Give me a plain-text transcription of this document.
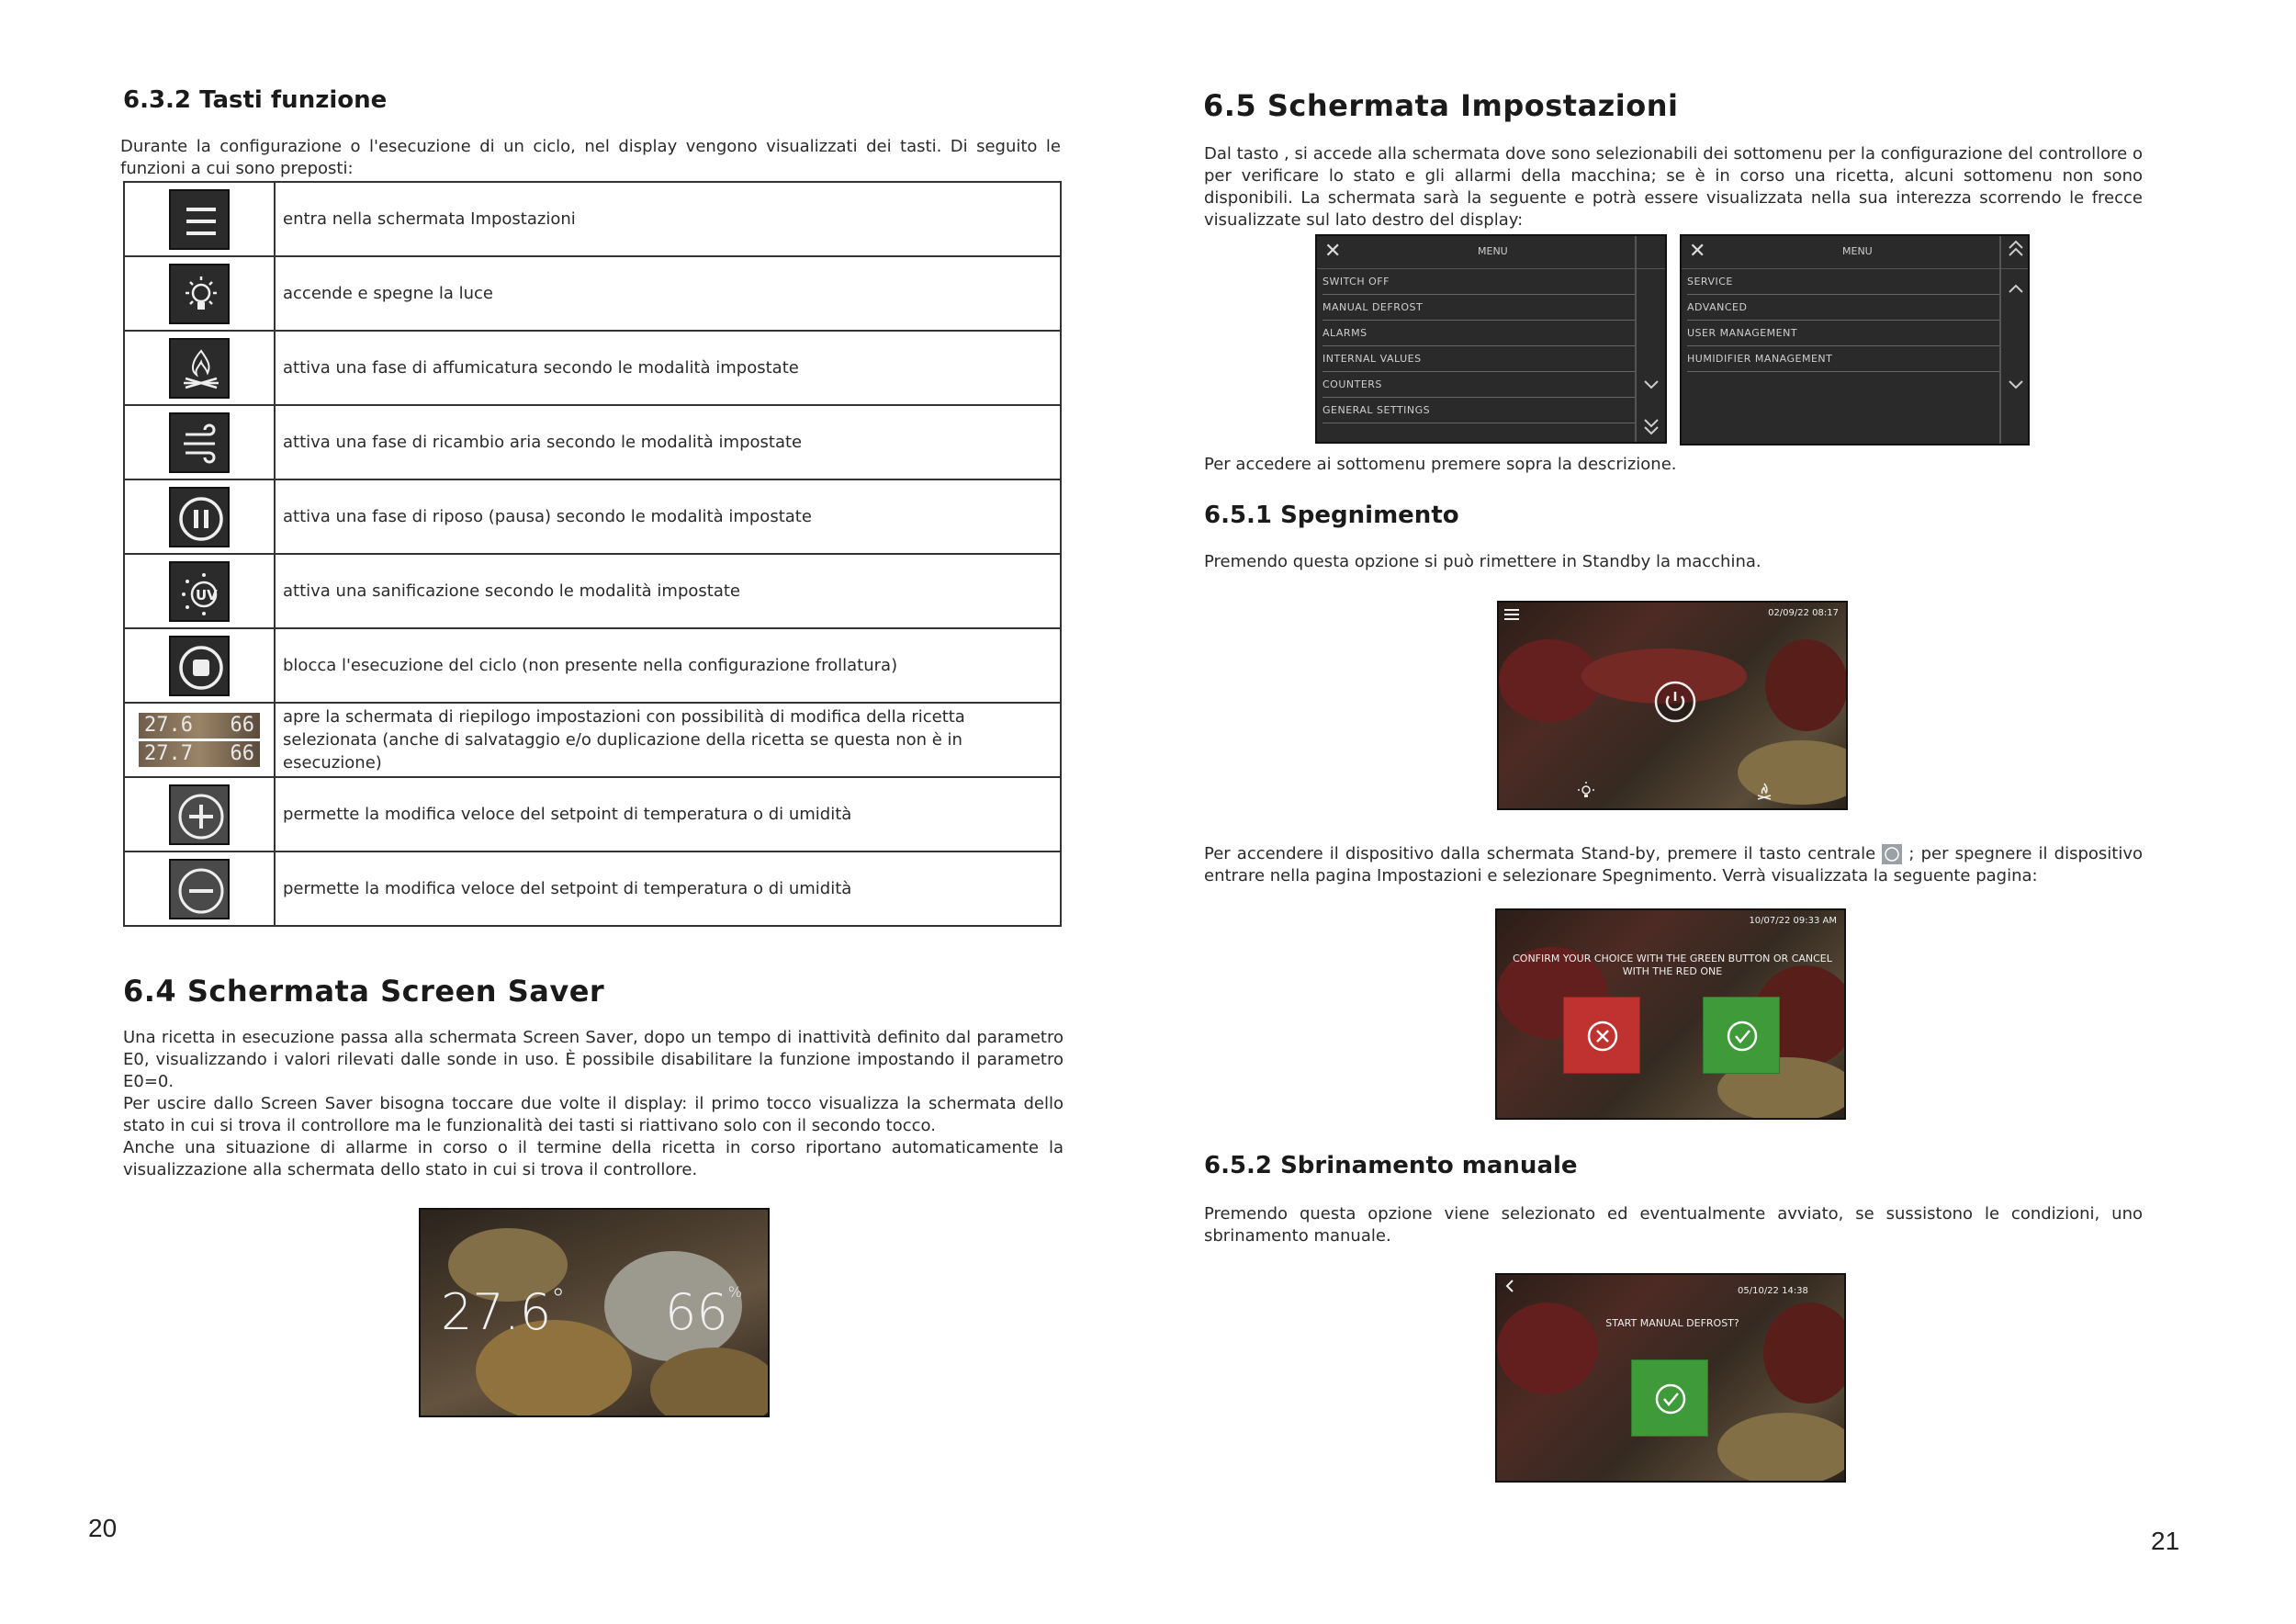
6.3.2 Tasti funzione
Durante la configurazione o l'esecuzione di un ciclo, nel display vengono visualizzati dei tasti. Di seguito le funzioni a cui sono preposti:
	entra nella schermata Impostazioni

	accende e spegne la luce

	attiva una fase di affumicatura secondo le modalità impostate

	attiva una fase di ricambio aria secondo le modalità impostate

	attiva una fase di riposo (pausa) secondo le modalità impostate

UV	attiva una sanificazione secondo le modalità impostate

	blocca l'esecuzione del ciclo (non presente nella configurazione frollatura)

27.6 66
27.7 66	apre la schermata di riepilogo impostazioni con possibilità di modifica della ricetta selezionata (anche di salvataggio e/o duplicazione della ricetta se questa non è in esecuzione)

	permette la modifica veloce del setpoint di temperatura o di umidità

	permette la modifica veloce del setpoint di temperatura o di umidità
6.4 Schermata Screen Saver
Una ricetta in esecuzione passa alla schermata Screen Saver, dopo un tempo di inattività definito dal parametro E0, visualizzando i valori rilevati dalle sonde in uso. È possibile disabilitare la funzione impostando il parametro E0=0.
Per uscire dallo Screen Saver bisogna toccare due volte il display: il primo tocco visualizza la schermata dello stato in cui si trova il controllore ma le funzionalità dei tasti si riattivano solo con il secondo tocco.
Anche una situazione di allarme in corso o il termine della ricetta in corso riportano automaticamente la visualizzazione alla schermata dello stato in cui si trova il controllore.
27.6° 66%
20
6.5 Schermata Impostazioni
Dal tasto , si accede alla schermata dove sono selezionabili dei sottomenu per la configurazione del controllore o per verificare lo stato e gli allarmi della macchina; se è in corso una ricetta, alcuni sottomenu non sono disponibili. La schermata sarà la seguente e potrà essere visualizzata nella sua interezza scorrendo le frecce visualizzate sul lato destro del display:
✕	MENU
SWITCH OFF
MANUAL DEFROST
ALARMS
INTERNAL VALUES
COUNTERS
GENERAL SETTINGS
✕	MENU
SERVICE
ADVANCED
USER MANAGEMENT
HUMIDIFIER MANAGEMENT
Per accedere ai sottomenu premere sopra la descrizione.
6.5.1 Spegnimento
Premendo questa opzione si può rimettere in Standby la macchina.
02/09/22 08:17
Per accendere il dispositivo dalla schermata Stand-by, premere il tasto centrale ; per spegnere il dispositivo entrare nella pagina Impostazioni e selezionare Spegnimento. Verrà visualizzata la seguente pagina:
10/07/22 09:33 AM
CONFIRM YOUR CHOICE WITH THE GREEN BUTTON OR CANCEL WITH THE RED ONE
6.5.2 Sbrinamento manuale
Premendo questa opzione viene selezionato ed eventualmente avviato, se sussistono le condizioni, uno sbrinamento manuale.
05/10/22 14:38
START MANUAL DEFROST?
21
